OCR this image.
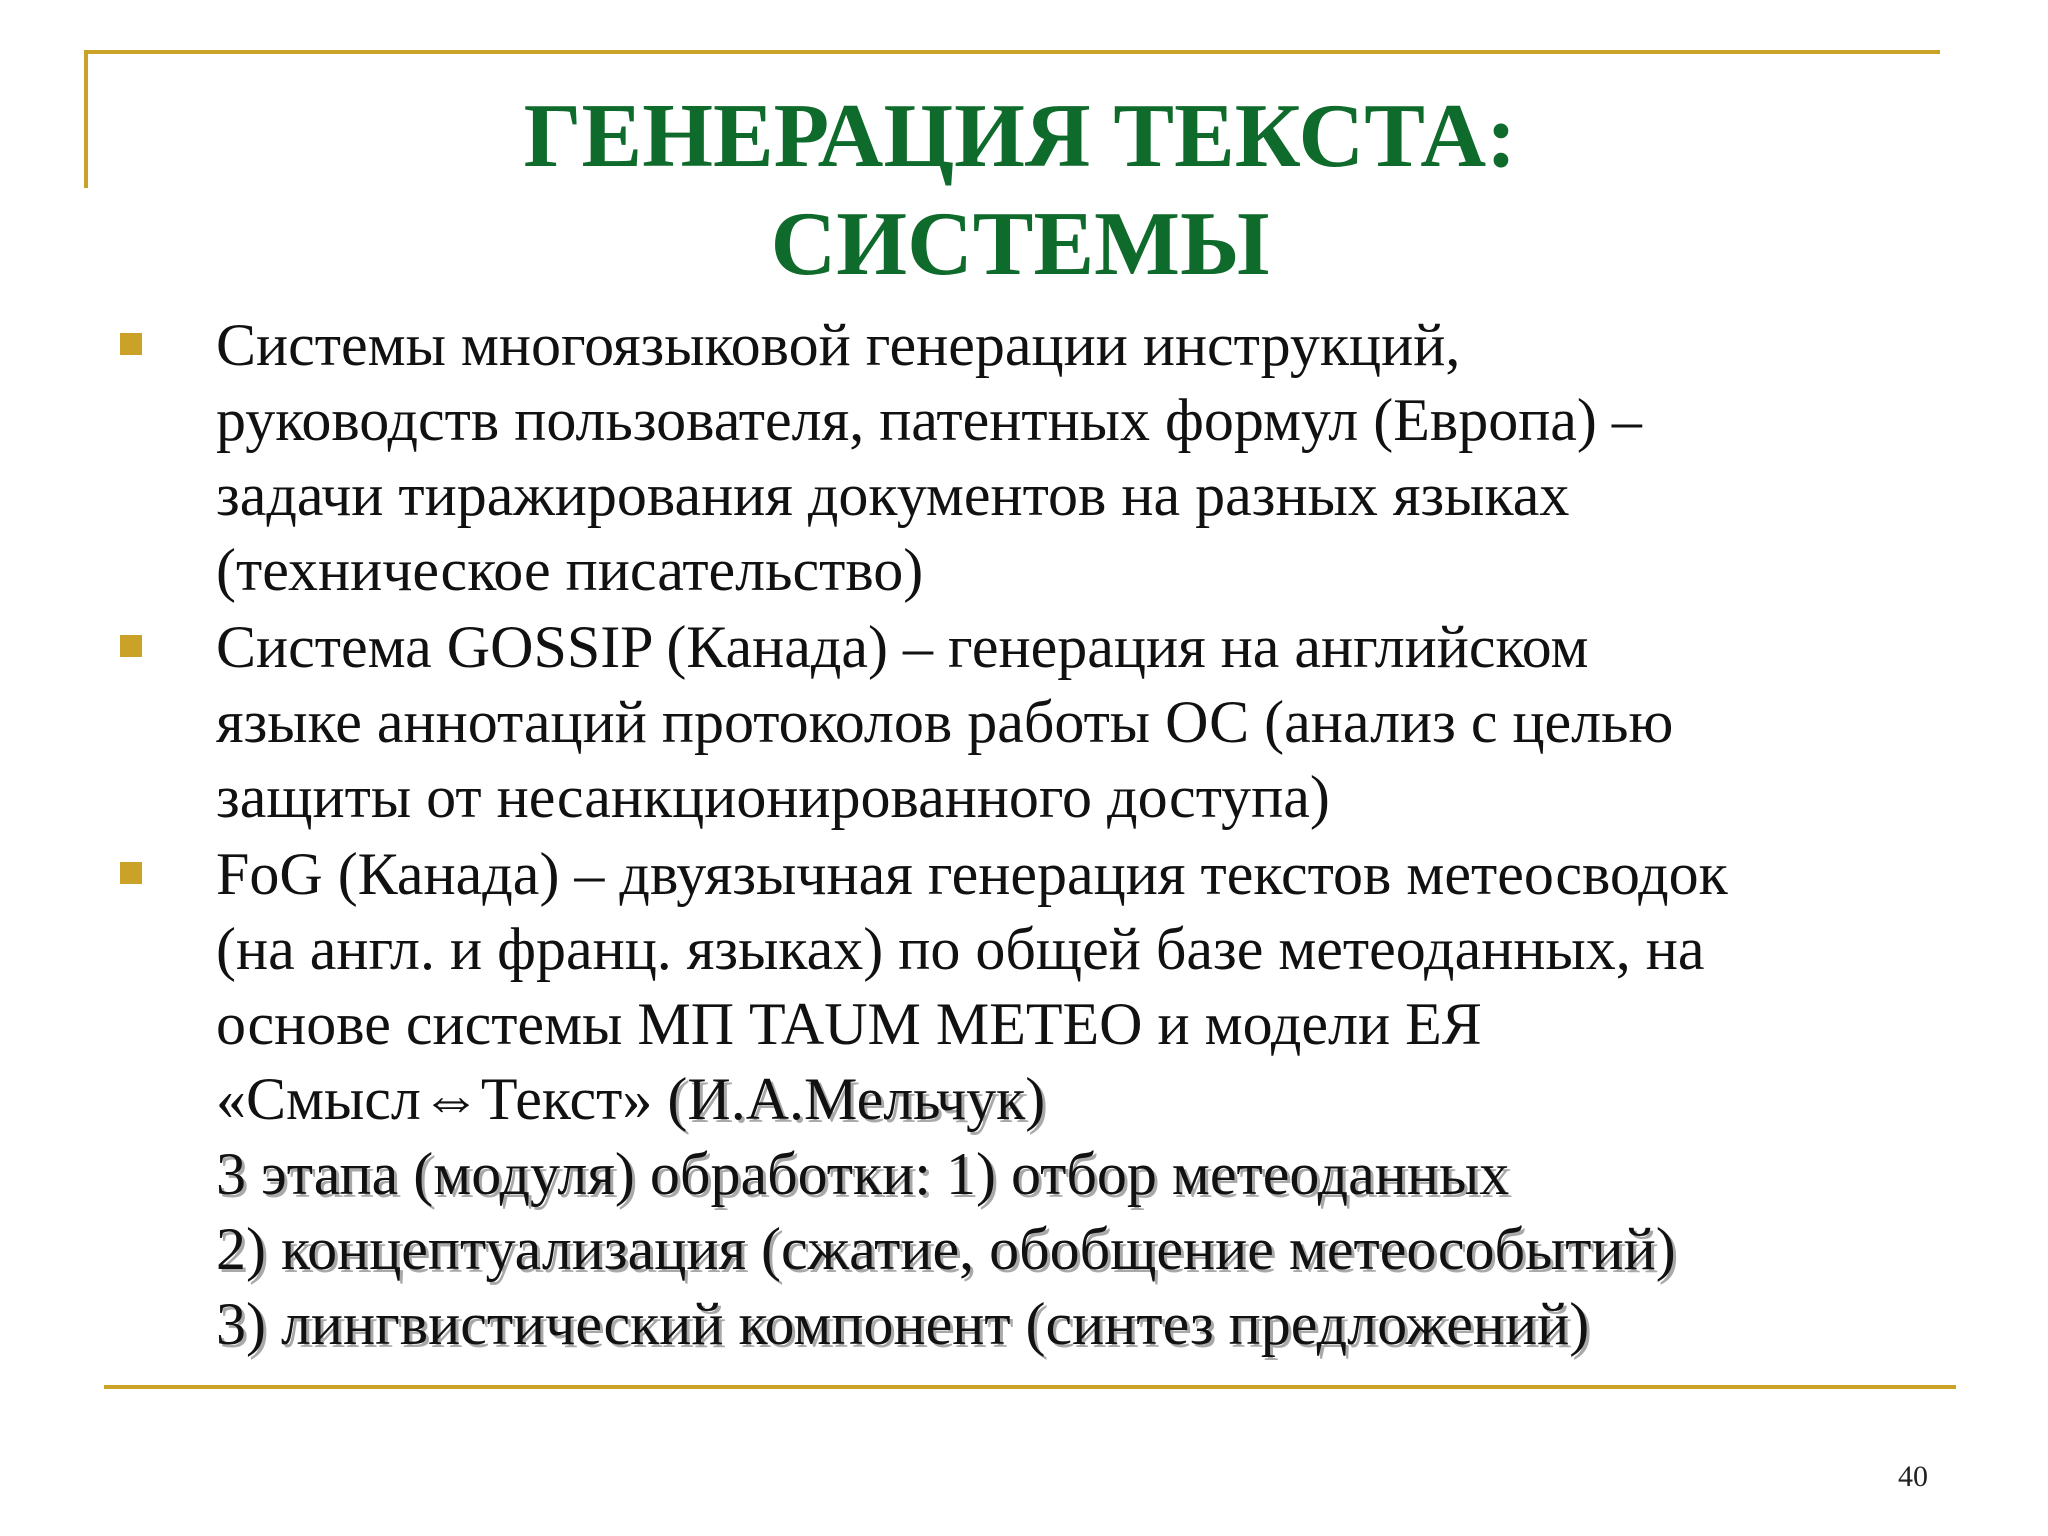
ГЕНЕРАЦИЯ ТЕКСТА:
СИСТЕМЫ
Системы многоязыковой генерации инструкций,
руководств пользователя, патентных формул (Европа) –
задачи тиражирования документов на разных языках
(техническое писательство)
Система GOSSIP (Канада) – генерация на английском
языке аннотаций протоколов работы ОС (анализ с целью
защиты от несанкционированного доступа)
FoG (Канада) – двуязычная генерация текстов метеосводок
(на англ. и франц. языках) по общей базе метеоданных, на
основе системы МП TAUM METEO и модели ЕЯ
«Смысл⇔Текст» (И.А.Мельчук)
3 этапа (модуля) обработки: 1) отбор метеоданных
2) концептуализация (сжатие, обобщение метеособытий)
3) лингвистический компонент (синтез предложений)
40
